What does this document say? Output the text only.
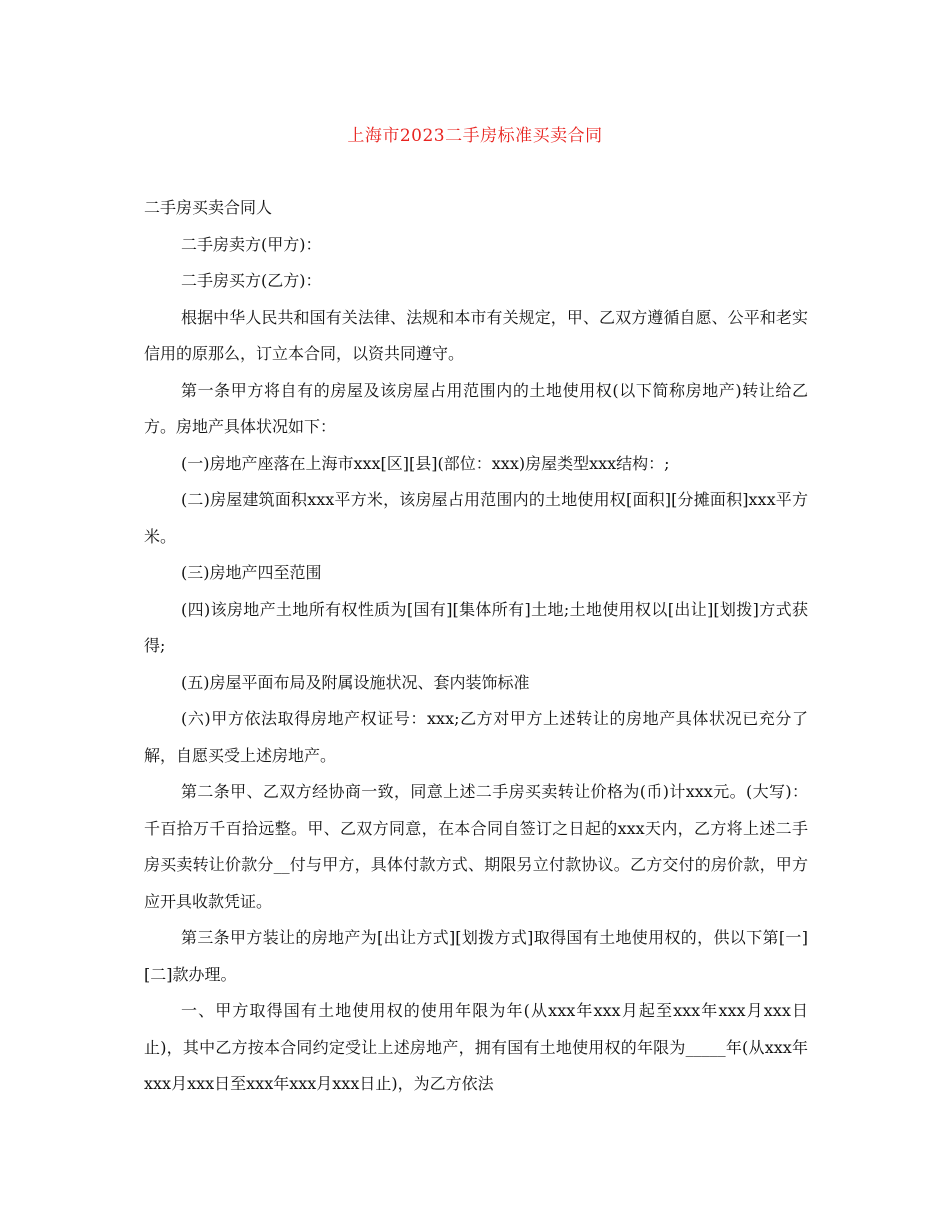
上海市2023二手房标准买卖合同

二手房买卖合同人

二手房卖方(甲方)：

二手房买方(乙方)：

根据中华人民共和国有关法律、法规和本市有关规定，甲、乙双方遵循自愿、公平和老实信用的原那么，订立本合同，以资共同遵守。

第一条甲方将自有的房屋及该房屋占用范围内的土地使用权(以下简称房地产)转让给乙方。房地产具体状况如下：

(一)房地产座落在上海市xxx[区][县](部位：xxx)房屋类型xxx结构：;

(二)房屋建筑面积xxx平方米，该房屋占用范围内的土地使用权[面积][分摊面积]xxx平方米。

(三)房地产四至范围

(四)该房地产土地所有权性质为[国有][集体所有]土地;土地使用权以[出让][划拨]方式获得;

(五)房屋平面布局及附属设施状况、套内装饰标准

(六)甲方依法取得房地产权证号：xxx;乙方对甲方上述转让的房地产具体状况已充分了解，自愿买受上述房地产。

第二条甲、乙双方经协商一致，同意上述二手房买卖转让价格为(币)计xxx元。(大写)：千百拾万千百拾远整。甲、乙双方同意，在本合同自签订之日起的xxx天内，乙方将上述二手房买卖转让价款分__付与甲方，具体付款方式、期限另立付款协议。乙方交付的房价款，甲方应开具收款凭证。

第三条甲方装让的房地产为[出让方式][划拨方式]取得国有土地使用权的，供以下第[一][二]款办理。

一、甲方取得国有土地使用权的使用年限为年(从xxx年xxx月起至xxx年xxx月xxx日止)，其中乙方按本合同约定受让上述房地产，拥有国有土地使用权的年限为_____年(从xxx年xxx月xxx日至xxx年xxx月xxx日止)，为乙方依法
